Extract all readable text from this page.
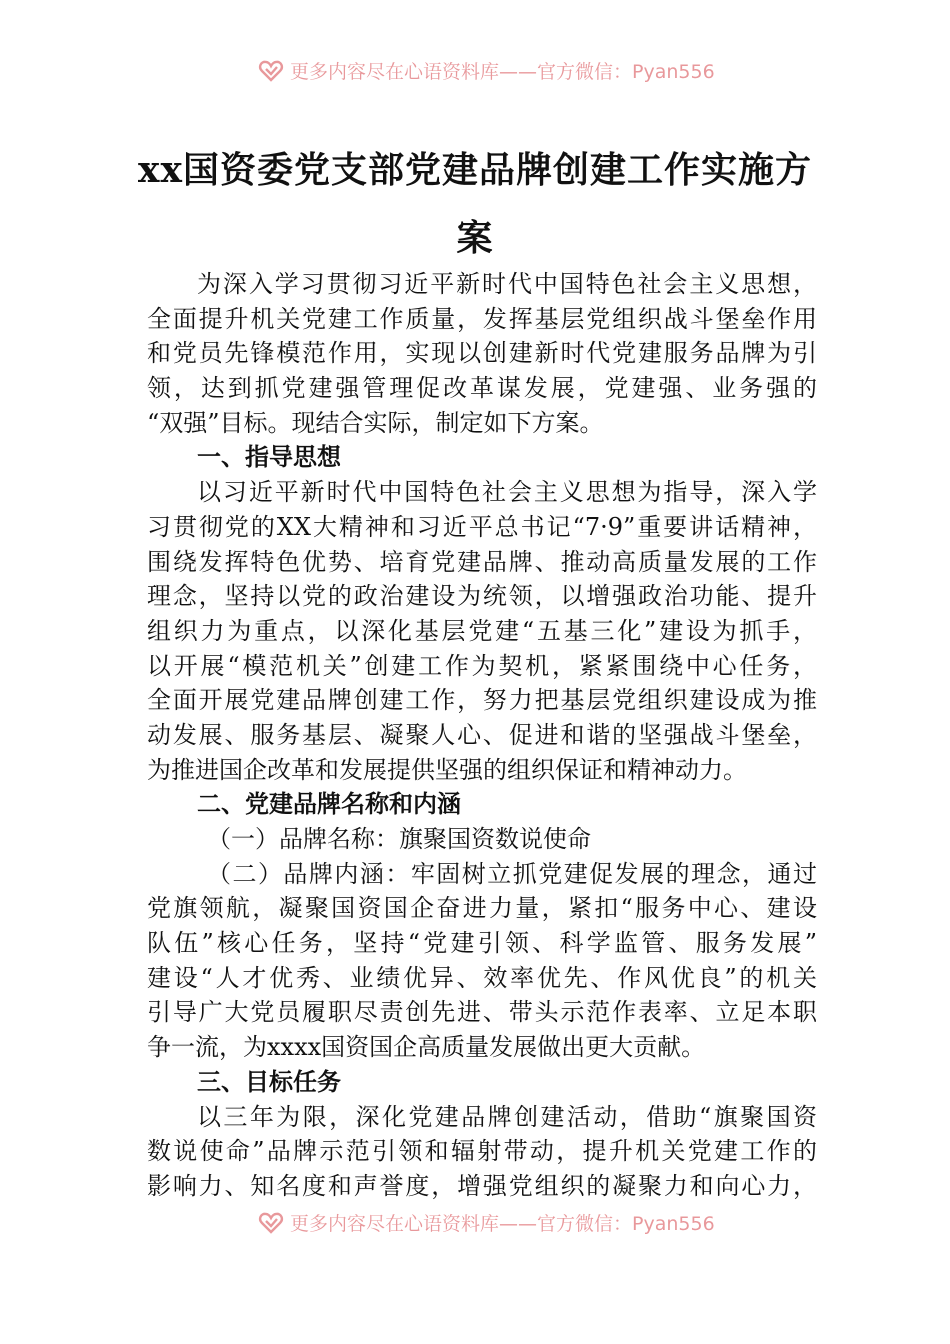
更多内容尽在心语资料库——官方微信：Pyan556
xx国资委党支部党建品牌创建工作实施方
案
为深入学习贯彻习近平新时代中国特色社会主义思想，
全面提升机关党建工作质量，发挥基层党组织战斗堡垒作用
和党员先锋模范作用，实现以创建新时代党建服务品牌为引
领，达到抓党建强管理促改革谋发展，党建强、业务强的
“双强”目标。现结合实际，制定如下方案。
一、指导思想
以习近平新时代中国特色社会主义思想为指导，深入学
习贯彻党的XX大精神和习近平总书记“7·9”重要讲话精神，
围绕发挥特色优势、培育党建品牌、推动高质量发展的工作
理念，坚持以党的政治建设为统领，以增强政治功能、提升
组织力为重点，以深化基层党建“五基三化”建设为抓手，
以开展“模范机关”创建工作为契机，紧紧围绕中心任务，
全面开展党建品牌创建工作，努力把基层党组织建设成为推
动发展、服务基层、凝聚人心、促进和谐的坚强战斗堡垒，
为推进国企改革和发展提供坚强的组织保证和精神动力。
二、党建品牌名称和内涵
（一）品牌名称：旗聚国资数说使命
（二）品牌内涵：牢固树立抓党建促发展的理念，通过
党旗领航，凝聚国资国企奋进力量，紧扣“服务中心、建设
队伍”核心任务，坚持“党建引领、科学监管、服务发展”
建设“人才优秀、业绩优异、效率优先、作风优良”的机关
引导广大党员履职尽责创先进、带头示范作表率、立足本职
争一流，为xxxx国资国企高质量发展做出更大贡献。
三、目标任务
以三年为限，深化党建品牌创建活动，借助“旗聚国资
数说使命”品牌示范引领和辐射带动，提升机关党建工作的
影响力、知名度和声誉度，增强党组织的凝聚力和向心力，
更多内容尽在心语资料库——官方微信：Pyan556
